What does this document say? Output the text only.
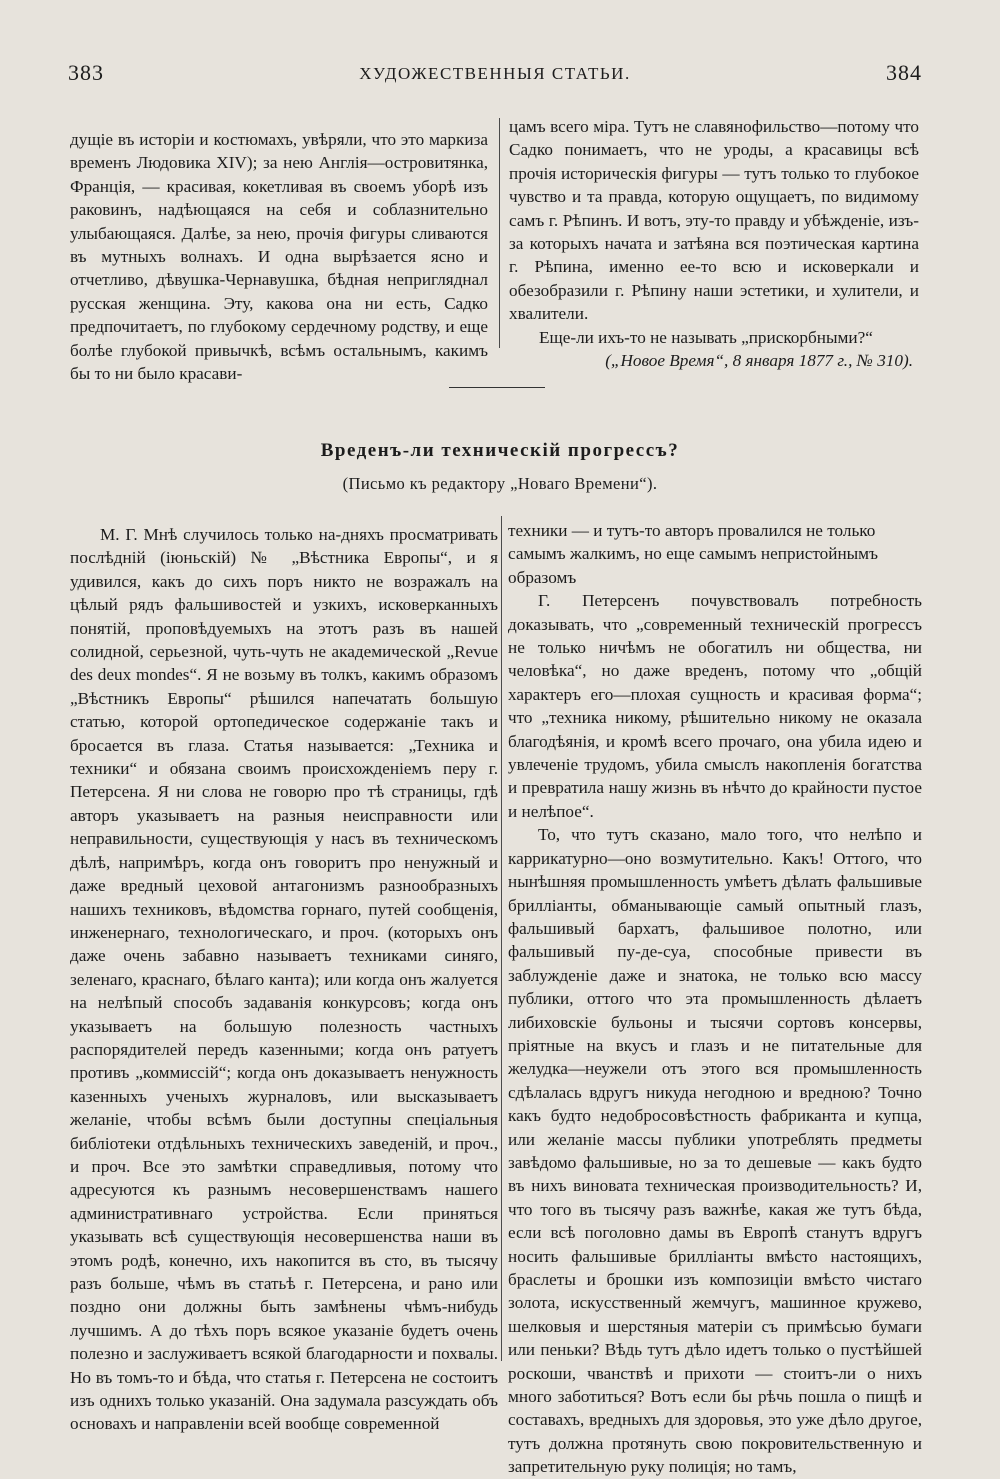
383	ХУДОЖЕСТВЕННЫЯ СТАТЬИ.	384

дущіе въ исторіи и костюмахъ, увѣряли, что это маркиза временъ Людовика XIV); за нею Англія—островитянка, Франція, — красивая, кокетливая въ своемъ уборѣ изъ раковинъ, надѣющаяся на себя и соблазнительно улыбающаяся. Далѣе, за нею, прочія фигуры сливаются въ мутныхъ волнахъ. И одна вырѣзается ясно и отчетливо, дѣвушка-Чернавушка, бѣдная непригляднал русская женщина. Эту, какова она ни есть, Садко предпочитаетъ, по глубокому сердечному родству, и еще болѣе глубокой привычкѣ, всѣмъ остальнымъ, какимъ бы то ни было красави-

цамъ всего міра. Тутъ не славянофильство—потому что Садко понимаетъ, что не уроды, а красавицы всѣ прочія историческія фигуры — тутъ только то глубокое чувство и та правда, которую ощущаетъ, по видимому самъ г. Рѣпинъ. И вотъ, эту-то правду и убѣжденіе, изъ-за которыхъ начата и затѣяна вся поэтическая картина г. Рѣпина, именно ее-то всю и исковеркали и обезобразили г. Рѣпину наши эстетики, и хулители, и хвалители.

Еще-ли ихъ-то не называть „прискорбными?“

(„Новое Время“, 8 января 1877 г., № 310).

Вреденъ-ли техническій прогрессъ?
(Письмо къ редактору „Новаго Времени“).

М. Г. Мнѣ случилось только на-дняхъ просматривать послѣдній (іюньскій) № „Вѣстника Европы“, и я удивился, какъ до сихъ поръ никто не возражалъ на цѣлый рядъ фальшивостей и узкихъ, исковерканныхъ понятій, проповѣдуемыхъ на этотъ разъ въ нашей солидной, серьезной, чуть-чуть не академической „Revue des deux mondes“. Я не возьму въ толкъ, какимъ образомъ „Вѣстникъ Европы“ рѣшился напечатать большую статью, которой ортопедическое содержаніе такъ и бросается въ глаза. Статья называется: „Техника и техники“ и обязана своимъ происхожденіемъ перу г. Петерсена. Я ни слова не говорю про тѣ страницы, гдѣ авторъ указываетъ на разныя неисправности или неправильности, существующія у насъ въ техническомъ дѣлѣ, напримѣръ, когда онъ говоритъ про ненужный и даже вредный цеховой антагонизмъ разнообразныхъ нашихъ техниковъ, вѣдомства горнаго, путей сообщенія, инженернаго, технологическаго, и проч. (которыхъ онъ даже очень забавно называетъ техниками синяго, зеленаго, краснаго, бѣлаго канта); или когда онъ жалуется на нелѣпый способъ задаванія конкурсовъ; когда онъ указываетъ на большую полезность частныхъ распорядителей передъ казенными; когда онъ ратуетъ противъ „коммиссій“; когда онъ доказываетъ ненужность казенныхъ ученыхъ журналовъ, или высказываетъ желаніе, чтобы всѣмъ были доступны спеціальныя библіотеки отдѣльныхъ техническихъ заведеній, и проч., и проч. Все это замѣтки справедливыя, потому что адресуются къ разнымъ несовершенствамъ нашего административнаго устройства. Если приняться указывать всѣ существующія несовершенства наши въ этомъ родѣ, конечно, ихъ накопится въ сто, въ тысячу разъ больше, чѣмъ въ статьѣ г. Петерсена, и рано или поздно они должны быть замѣнены чѣмъ-нибудь лучшимъ. А до тѣхъ поръ всякое указаніе будетъ очень полезно и заслуживаетъ всякой благодарности и похвалы. Но въ томъ-то и бѣда, что статья г. Петерсена не состоитъ изъ однихъ только указаній. Она задумала разсуждать объ основахъ и направленіи всей вообще современной

техники — и тутъ-то авторъ провалился не только самымъ жалкимъ, но еще самымъ непристойнымъ образомъ

Г. Петерсенъ почувствовалъ потребность доказывать, что „современный техническій прогрессъ не только ничѣмъ не обогатилъ ни общества, ни человѣка“, но даже вреденъ, потому что „общій характеръ его—плохая сущность и красивая форма“; что „техника никому, рѣшительно никому не оказала благодѣянія, и кромѣ всего прочаго, она убила идею и увлеченіе трудомъ, убила смыслъ накопленія богатства и превратила нашу жизнь въ нѣчто до крайности пустое и нелѣпое“.

То, что тутъ сказано, мало того, что нелѣпо и каррикатурно—оно возмутительно. Какъ! Оттого, что нынѣшняя промышленность умѣетъ дѣлать фальшивые брилліанты, обманывающіе самый опытный глазъ, фальшивый бархатъ, фальшивое полотно, или фальшивый пу-де-суа, способные привести въ заблужденіе даже и знатока, не только всю массу публики, оттого что эта промышленность дѣлаетъ либиховскіе бульоны и тысячи сортовъ консервы, пріятные на вкусъ и глазъ и не питательные для желудка—неужели отъ этого вся промышленность сдѣлалась вдругъ никуда негодною и вредною? Точно какъ будто недобросовѣстность фабриканта и купца, или желаніе массы публики употреблять предметы завѣдомо фальшивые, но за то дешевые — какъ будто въ нихъ виновата техническая производительность? И, что того въ тысячу разъ важнѣе, какая же тутъ бѣда, если всѣ поголовно дамы въ Европѣ станутъ вдругъ носить фальшивые брилліанты вмѣсто настоящихъ, браслеты и брошки изъ композиціи вмѣсто чистаго золота, искусственный жемчугъ, машинное кружево, шелковыя и шерстяныя матеріи съ примѣсью бумаги или пеньки? Вѣдь тутъ дѣло идетъ только о пустѣйшей роскоши, чванствѣ и прихоти — стоитъ-ли о нихъ много заботиться? Вотъ если бы рѣчь пошла о пищѣ и составахъ, вредныхъ для здоровья, это уже дѣло другое, тутъ должна протянуть свою покровительственную и запретительную руку полиція; но тамъ,
